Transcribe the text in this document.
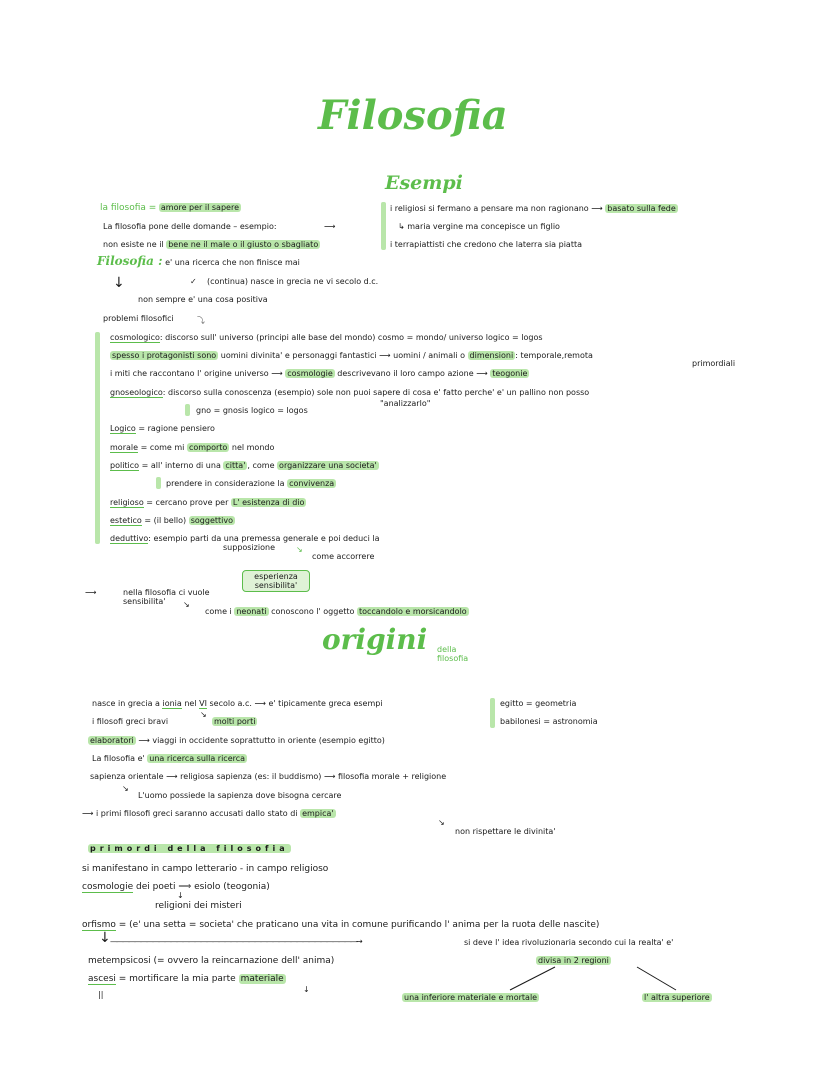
Filosofia
Esempi
la filosofia = amore per il sapere
La filosofia pone delle domande – esempio:	⟶
non esiste ne il bene ne il male o il giusto o sbagliato
i religiosi si fermano a pensare ma non ragionano ⟶ basato sulla fede
↳ maria vergine ma concepisce un figlio
i terrapiattisti che credono che laterra sia piatta
Filosofia : e' una ricerca che non finisce mai
(continua) nasce in grecia ne vi secolo d.c.
✓
↓
non sempre e' una cosa positiva
problemi filosofici	⤵
cosmologico: discorso sull' universo (principi alle base del mondo) cosmo = mondo/ universo logico = logos
spesso i protagonisti sono uomini divinita' e personaggi fantastici ⟶ uomini / animali o dimensioni : temporale,remota
primordiali
i miti che raccontano l' origine universo ⟶ cosmologie descrivevano il loro campo azione ⟶ teogonie
gnoseologico: discorso sulla conoscenza (esempio) sole non puoi sapere di cosa e' fatto perche' e' un pallino non posso
"analizzarlo"
gno = gnosis logico = logos
Logico = ragione pensiero
morale = come mi comporto nel mondo
politico = all' interno di una citta' , come organizzare una societa'
prendere in considerazione la convivenza
religioso = cercano prove per L' esistenza di dio
estetico = (il bello) soggettivo
deduttivo: esempio parti da una premessa generale e poi deduci la
supposizione	↘
come accorrere
esperienza sensibilita'
⟶	nella filosofia ci vuole
sensibilita' ↘
come i neonati conoscono l' oggetto toccandolo e morsicandolo
origini della filosofia
nasce in grecia a ionia nel VI secolo a.c. ⟶ e' tipicamente greca esempi	egitto = geometria
babilonesi = astronomia
i filosofi greci bravi
↘
molti porti
elaboratori ⟶ viaggi in occidente soprattutto in oriente (esempio egitto)
La filosofia e' una ricerca sulla ricerca
sapienza orientale ⟶ religiosa sapienza (es: il buddismo) ⟶ filosofia morale + religione
↘
L'uomo possiede la sapienza dove bisogna cercare
⟶ i primi filosofi greci saranno accusati dallo stato di empica'
↘
non rispettare le divinita'
primordi della filosofia
si manifestano in campo letterario - in campo religioso
cosmologie dei poeti ⟹ esiolo (teogonia)
↓
religioni dei misteri
orfismo = (e' una setta = societa' che praticano una vita in comune purificando l' anima per la ruota delle nascite)
↓ —————————————————————————————————————————→	si deve l' idea rivoluzionaria secondo cui la realta' e'
metempsicosi (= ovvero la reincarnazione dell' anima)	divisa in 2 regioni
ascesi = mortificare la mia parte materiale
↓
||	una inferiore materiale e mortale	l' altra superiore
